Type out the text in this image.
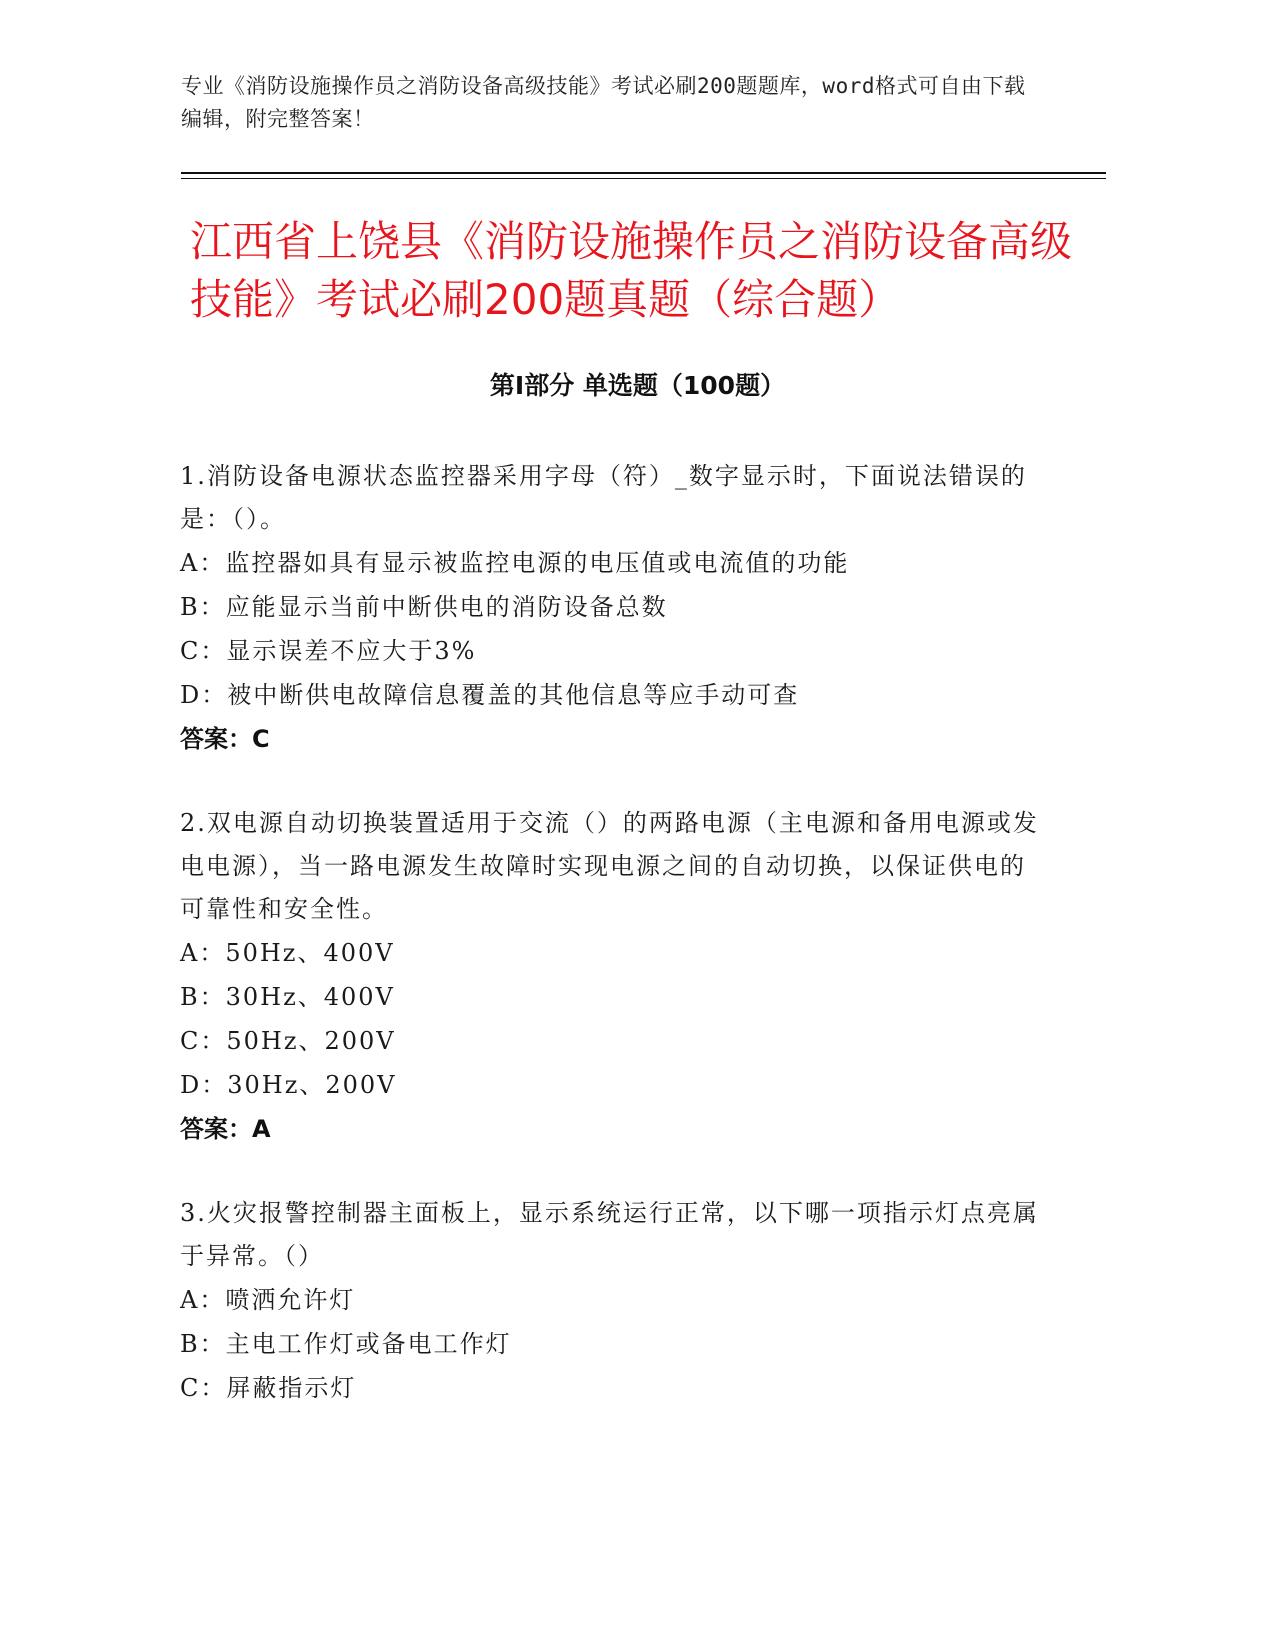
专业《消防设施操作员之消防设备高级技能》考试必刷200题题库，word格式可自由下载编辑，附完整答案！
江西省上饶县《消防设施操作员之消防设备高级技能》考试必刷200题真题（综合题）
第I部分 单选题（100题）
1.消防设备电源状态监控器采用字母（符）_数字显示时，下面说法错误的是：（）。
A：监控器如具有显示被监控电源的电压值或电流值的功能
B：应能显示当前中断供电的消防设备总数
C：显示误差不应大于3%
D：被中断供电故障信息覆盖的其他信息等应手动可查
答案：C
2.双电源自动切换装置适用于交流（）的两路电源（主电源和备用电源或发电电源），当一路电源发生故障时实现电源之间的自动切换，以保证供电的可靠性和安全性。
A：50Hz、400V
B：30Hz、400V
C：50Hz、200V
D：30Hz、200V
答案：A
3.火灾报警控制器主面板上，显示系统运行正常，以下哪一项指示灯点亮属于异常。（）
A：喷洒允许灯
B：主电工作灯或备电工作灯
C：屏蔽指示灯
